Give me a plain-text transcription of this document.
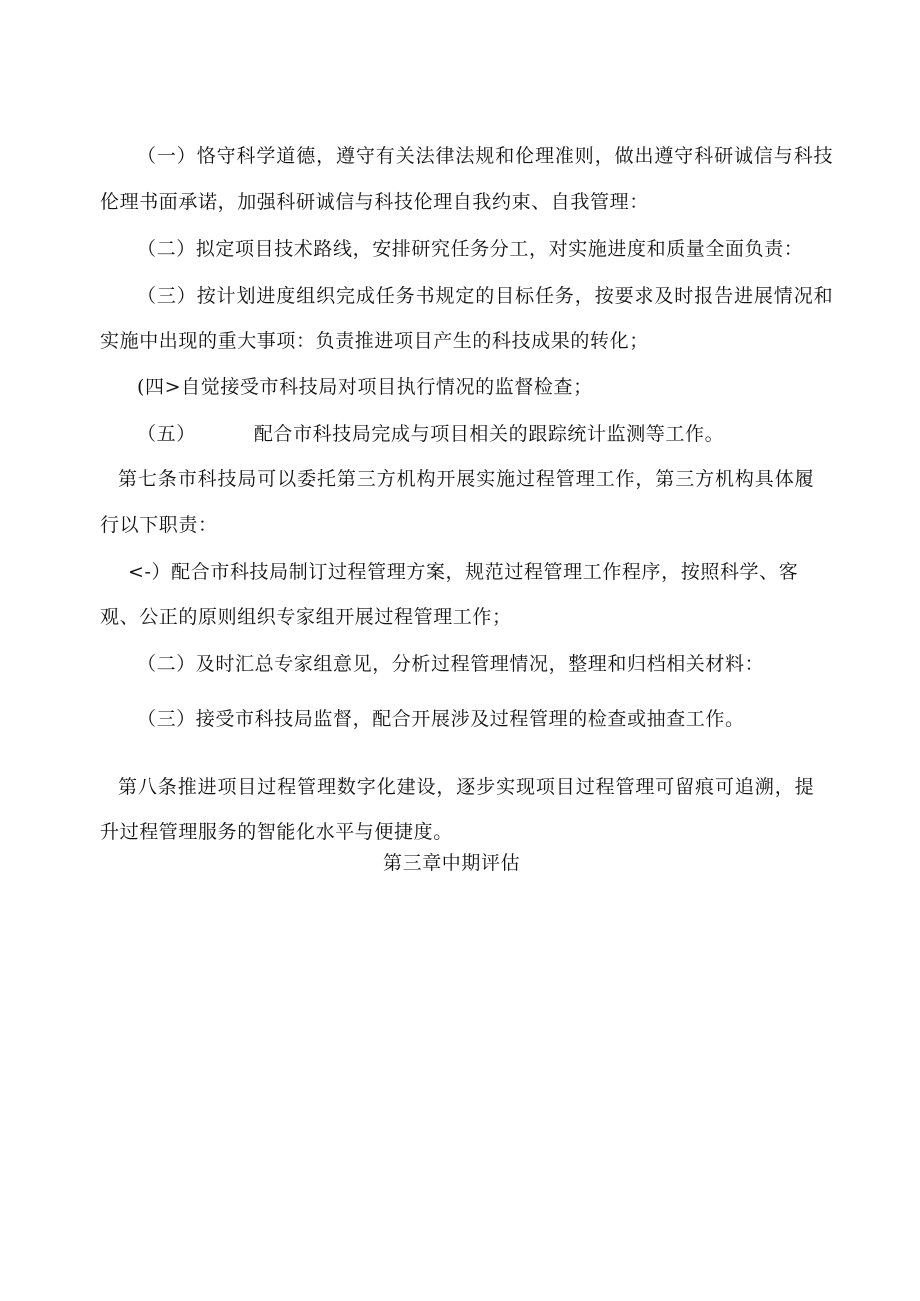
（一）恪守科学道德，遵守有关法律法规和伦理准则，做出遵守科研诚信与科技
伦理书面承诺，加强科研诚信与科技伦理自我约束、自我管理：
（二）拟定项目技术路线，安排研究任务分工，对实施进度和质量全面负责：
（三）按计划进度组织完成任务书规定的目标任务，按要求及时报告进展情况和
实施中出现的重大事项：负责推进项目产生的科技成果的转化；
(四>自觉接受市科技局对项目执行情况的监督检查；
（五）	配合市科技局完成与项目相关的跟踪统计监测等工作。
第七条市科技局可以委托第三方机构开展实施过程管理工作，第三方机构具体履
行以下职责：
<-）配合市科技局制订过程管理方案，规范过程管理工作程序，按照科学、客
观、公正的原则组织专家组开展过程管理工作；
（二）及时汇总专家组意见，分析过程管理情况，整理和归档相关材料：
（三）接受市科技局监督，配合开展涉及过程管理的检查或抽查工作。
第八条推进项目过程管理数字化建设，逐步实现项目过程管理可留痕可追溯，提
升过程管理服务的智能化水平与便捷度。
第三章中期评估
